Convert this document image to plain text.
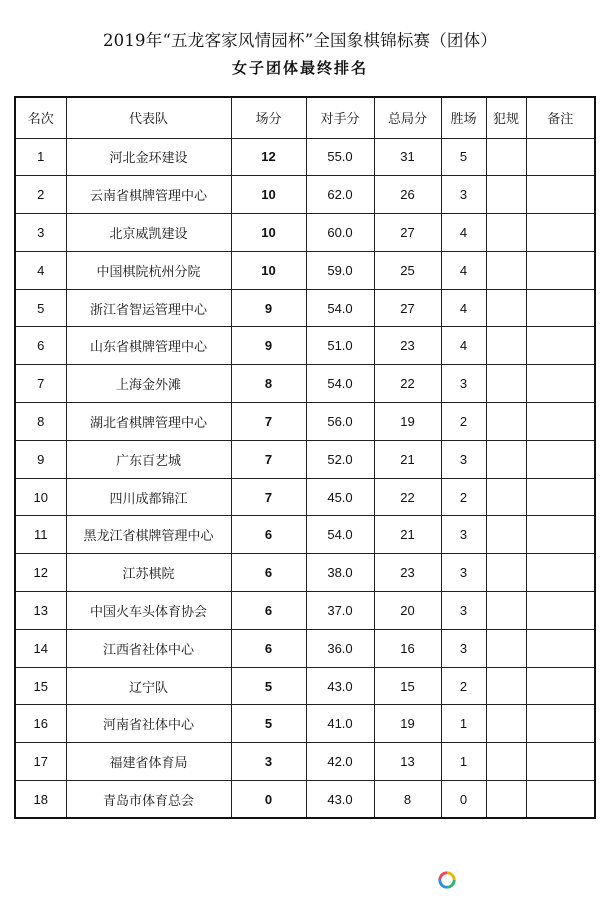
2019年“五龙客家风情园杯”全国象棋锦标赛（团体）
女子团体最终排名
名次	代表队	场分	对手分	总局分	胜场	犯规	备注
1	河北金环建设	12	55.0	31	5		
2	云南省棋牌管理中心	10	62.0	26	3		
3	北京威凯建设	10	60.0	27	4		
4	中国棋院杭州分院	10	59.0	25	4		
5	浙江省智运管理中心	9	54.0	27	4		
6	山东省棋牌管理中心	9	51.0	23	4		
7	上海金外滩	8	54.0	22	3		
8	湖北省棋牌管理中心	7	56.0	19	2		
9	广东百艺城	7	52.0	21	3		
10	四川成都锦江	7	45.0	22	2		
11	黑龙江省棋牌管理中心	6	54.0	21	3		
12	江苏棋院	6	38.0	23	3		
13	中国火车头体育协会	6	37.0	20	3		
14	江西省社体中心	6	36.0	16	3		
15	辽宁队	5	43.0	15	2		
16	河南省社体中心	5	41.0	19	1		
17	福建省体育局	3	42.0	13	1		
18	青岛市体育总会	0	43.0	8	0		
